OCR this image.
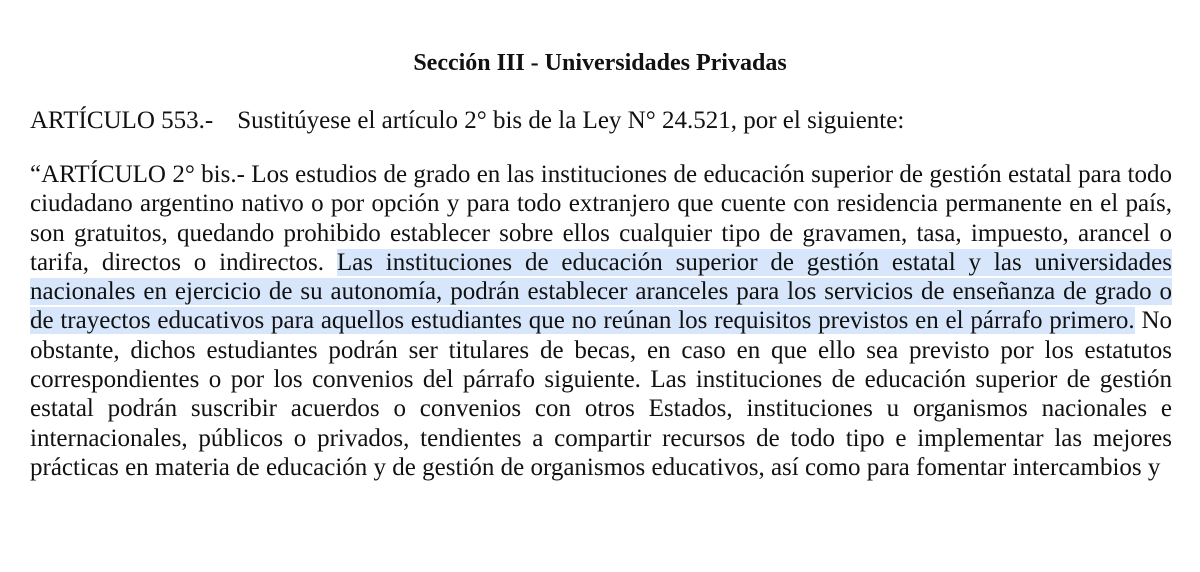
Sección III - Universidades Privadas

ARTÍCULO 553.- Sustitúyese el artículo 2° bis de la Ley N° 24.521, por el siguiente:

“ARTÍCULO 2° bis.- Los estudios de grado en las instituciones de educación superior de gestión estatal para todo ciudadano argentino nativo o por opción y para todo extranjero que cuente con residencia permanente en el país, son gratuitos, quedando prohibido establecer sobre ellos cualquier tipo de gravamen, tasa, impuesto, arancel o tarifa, directos o indirectos. Las instituciones de educación superior de gestión estatal y las universidades nacionales en ejercicio de su autonomía, podrán establecer aranceles para los servicios de enseñanza de grado o de trayectos educativos para aquellos estudiantes que no reúnan los requisitos previstos en el párrafo primero. No obstante, dichos estudiantes podrán ser titulares de becas, en caso en que ello sea previsto por los estatutos correspondientes o por los convenios del párrafo siguiente. Las instituciones de educación superior de gestión estatal podrán suscribir acuerdos o convenios con otros Estados, instituciones u organismos nacionales e internacionales, públicos o privados, tendientes a compartir recursos de todo tipo e implementar las mejores prácticas en materia de educación y de gestión de organismos educativos, así como para fomentar intercambios y
